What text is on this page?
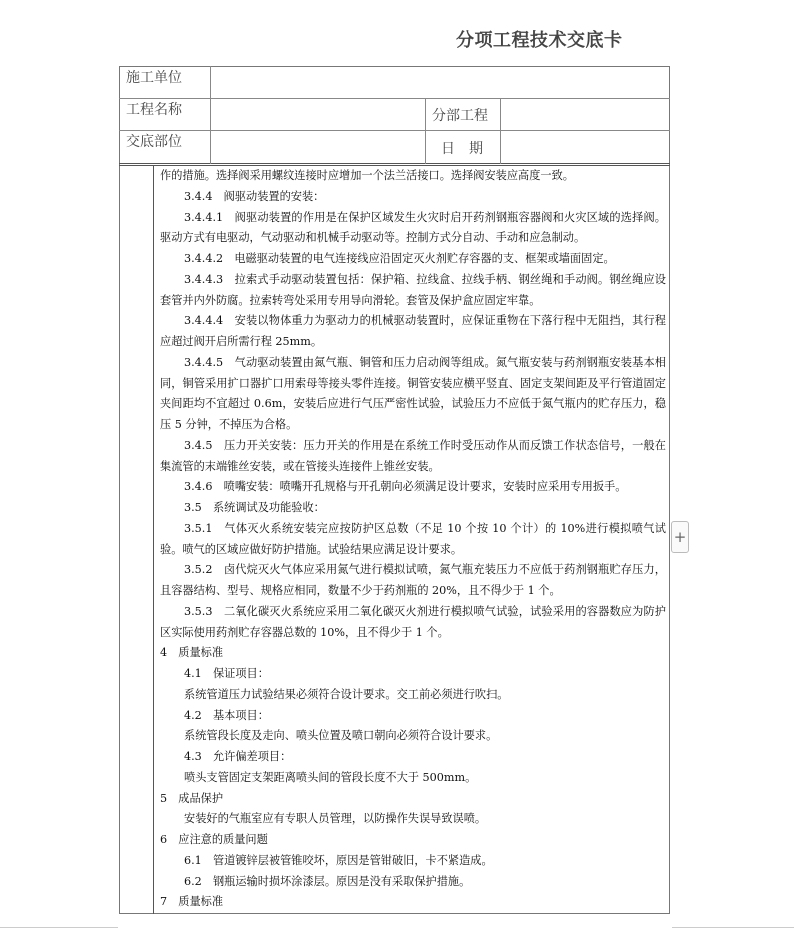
分项工程技术交底卡
施工单位
工程名称	分部工程
交底部位	日　期

作的措施。选择阀采用螺纹连接时应增加一个法兰活接口。选择阀安装应高度一致。

3.4.4　阀驱动装置的安装：

3.4.4.1　阀驱动装置的作用是在保护区域发生火灾时启开药剂钢瓶容器阀和火灾区域的选择阀。驱动方式有电驱动，气动驱动和机械手动驱动等。控制方式分自动、手动和应急制动。

3.4.4.2　电磁驱动装置的电气连接线应沿固定灭火剂贮存容器的支、框架或墙面固定。

3.4.4.3　拉索式手动驱动装置包括：保护箱、拉线盒、拉线手柄、钢丝绳和手动阀。钢丝绳应设套管并内外防腐。拉索转弯处采用专用导向滑轮。套管及保护盒应固定牢靠。

3.4.4.4　安装以物体重力为驱动力的机械驱动装置时，应保证重物在下落行程中无阻挡，其行程应超过阀开启所需行程 25mm。

3.4.4.5　气动驱动装置由氮气瓶、铜管和压力启动阀等组成。氮气瓶安装与药剂钢瓶安装基本相同，铜管采用扩口器扩口用索母等接头零件连接。铜管安装应横平竖直、固定支架间距及平行管道固定夹间距均不宜超过 0.6m，安装后应进行气压严密性试验，试验压力不应低于氮气瓶内的贮存压力，稳压 5 分钟，不掉压为合格。

3.4.5　压力开关安装：压力开关的作用是在系统工作时受压动作从而反馈工作状态信号，一般在集流管的末端锥丝安装，或在管接头连接件上锥丝安装。

3.4.6　喷嘴安装：喷嘴开孔规格与开孔朝向必须满足设计要求，安装时应采用专用扳手。

3.5　系统调试及功能验收：

3.5.1　气体灭火系统安装完应按防护区总数（不足 10 个按 10 个计）的 10%进行模拟喷气试验。喷气的区域应做好防护措施。试验结果应满足设计要求。

3.5.2　卤代烷灭火气体应采用氮气进行模拟试喷，氮气瓶充装压力不应低于药剂钢瓶贮存压力，且容器结构、型号、规格应相同，数量不少于药剂瓶的 20%，且不得少于 1 个。

3.5.3　二氧化碳灭火系统应采用二氧化碳灭火剂进行模拟喷气试验，试验采用的容器数应为防护区实际使用药剂贮存容器总数的 10%，且不得少于 1 个。

4　质量标准

4.1　保证项目：

系统管道压力试验结果必须符合设计要求。交工前必须进行吹扫。

4.2　基本项目：

系统管段长度及走向、喷头位置及喷口朝向必须符合设计要求。

4.3　允许偏差项目：

喷头支管固定支架距离喷头间的管段长度不大于 500mm。

5　成品保护

安装好的气瓶室应有专职人员管理，以防操作失误导致误喷。

6　应注意的质量问题

6.1　管道镀锌层被管锥咬坏，原因是管钳破旧，卡不紧造成。

6.2　钢瓶运输时损坏涂漆层。原因是没有采取保护措施。

7　质量标准

+
